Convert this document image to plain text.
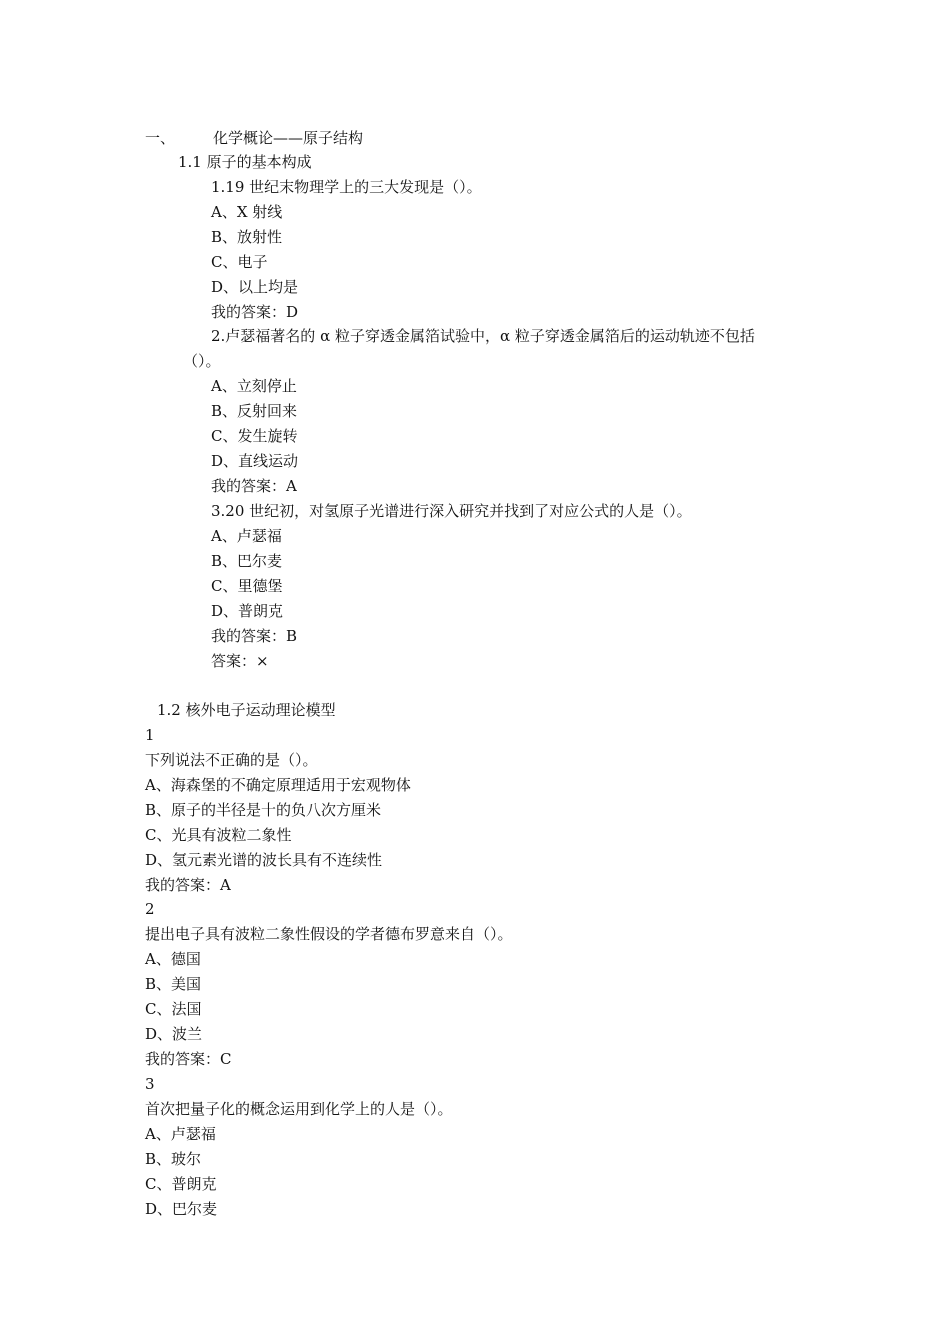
一、	化学概论——原子结构
1.1 原子的基本构成
1.19 世纪末物理学上的三大发现是（）。
A、X 射线
B、放射性
C、电子
D、以上均是
我的答案：D
2.卢瑟福著名的 α 粒子穿透金属箔试验中，α 粒子穿透金属箔后的运动轨迹不包括
（）。
A、立刻停止
B、反射回来
C、发生旋转
D、直线运动
我的答案：A
3.20 世纪初，对氢原子光谱进行深入研究并找到了对应公式的人是（）。
A、卢瑟福
B、巴尔麦
C、里德堡
D、普朗克
我的答案：B
答案：×
1.2 核外电子运动理论模型
1
下列说法不正确的是（）。
A、海森堡的不确定原理适用于宏观物体
B、原子的半径是十的负八次方厘米
C、光具有波粒二象性
D、氢元素光谱的波长具有不连续性
我的答案：A
2
提出电子具有波粒二象性假设的学者德布罗意来自（）。
A、德国
B、美国
C、法国
D、波兰
我的答案：C
3
首次把量子化的概念运用到化学上的人是（）。
A、卢瑟福
B、玻尔
C、普朗克
D、巴尔麦
